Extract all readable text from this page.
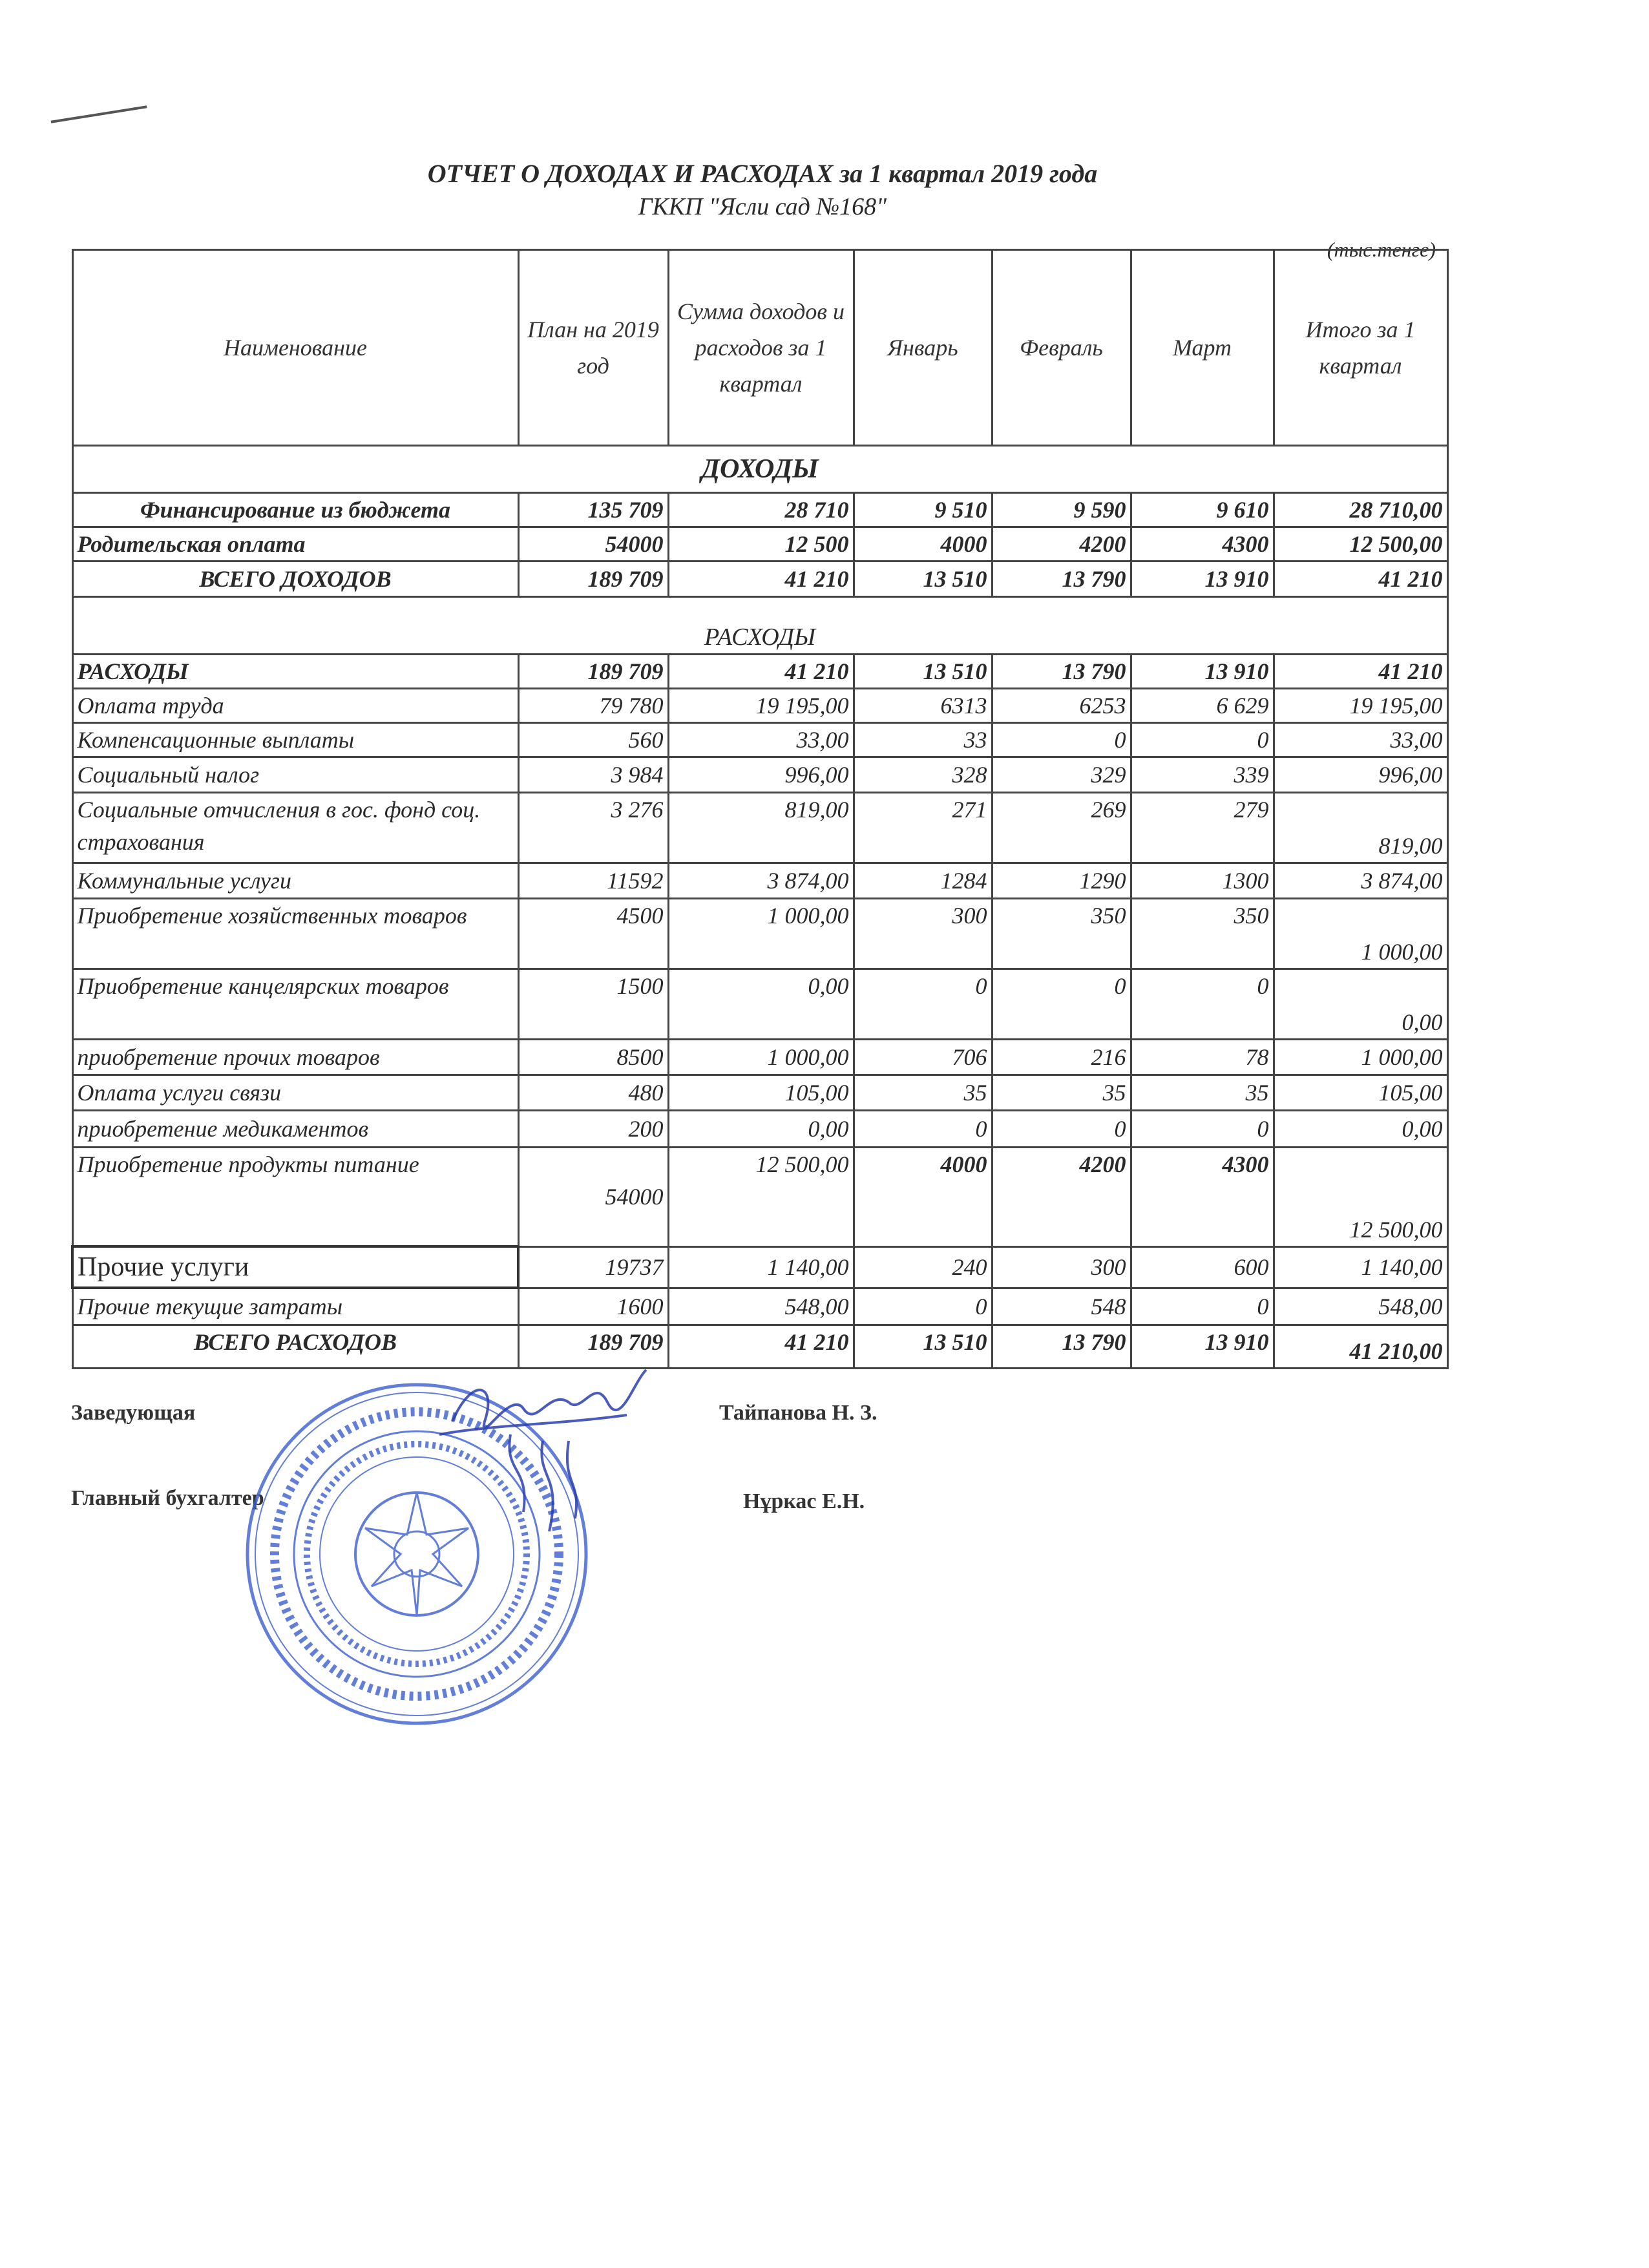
ОТЧЕТ О ДОХОДАХ И РАСХОДАХ за 1 квартал 2019 года
ГККП "Ясли сад №168"
(тыс.тенге)
Наименование	План на 2019 год	Сумма доходов и расходов за 1 квартал	Январь	Февраль	Март	Итого за 1 квартал
ДОХОДЫ						
Финансирование из бюджета	135 709	28 710	9 510	9 590	9 610	28 710,00
Родительская оплата	54000	12 500	4000	4200	4300	12 500,00
ВСЕГО ДОХОДОВ	189 709	41 210	13 510	13 790	13 910	41 210
РАСХОДЫ						
РАСХОДЫ	189 709	41 210	13 510	13 790	13 910	41 210
Оплата труда	79 780	19 195,00	6313	6253	6 629	19 195,00
Компенсационные выплаты	560	33,00	33	0	0	33,00
Социальный налог	3 984	996,00	328	329	339	996,00
Социальные отчисления в гос. фонд соц. страхования	3 276	819,00	271	269	279	819,00
Коммунальные услуги	11592	3 874,00	1284	1290	1300	3 874,00
Приобретение хозяйственных товаров	4500	1 000,00	300	350	350	1 000,00
Приобретение канцелярских товаров	1500	0,00	0	0	0	0,00
приобретение прочих товаров	8500	1 000,00	706	216	78	1 000,00
Оплата услуги связи	480	105,00	35	35	35	105,00
приобретение медикаментов	200	0,00	0	0	0	0,00
Приобретение продукты питание	54000	12 500,00	4000	4200	4300	12 500,00
Прочие услуги	19737	1 140,00	240	300	600	1 140,00
Прочие текущие затраты	1600	548,00	0	548	0	548,00
ВСЕГО РАСХОДОВ	189 709	41 210	13 510	13 790	13 910	41 210,00
Заведующая	Тайпанова Н. З.
Главный бухгалтер	Нұркас Е.Н.
